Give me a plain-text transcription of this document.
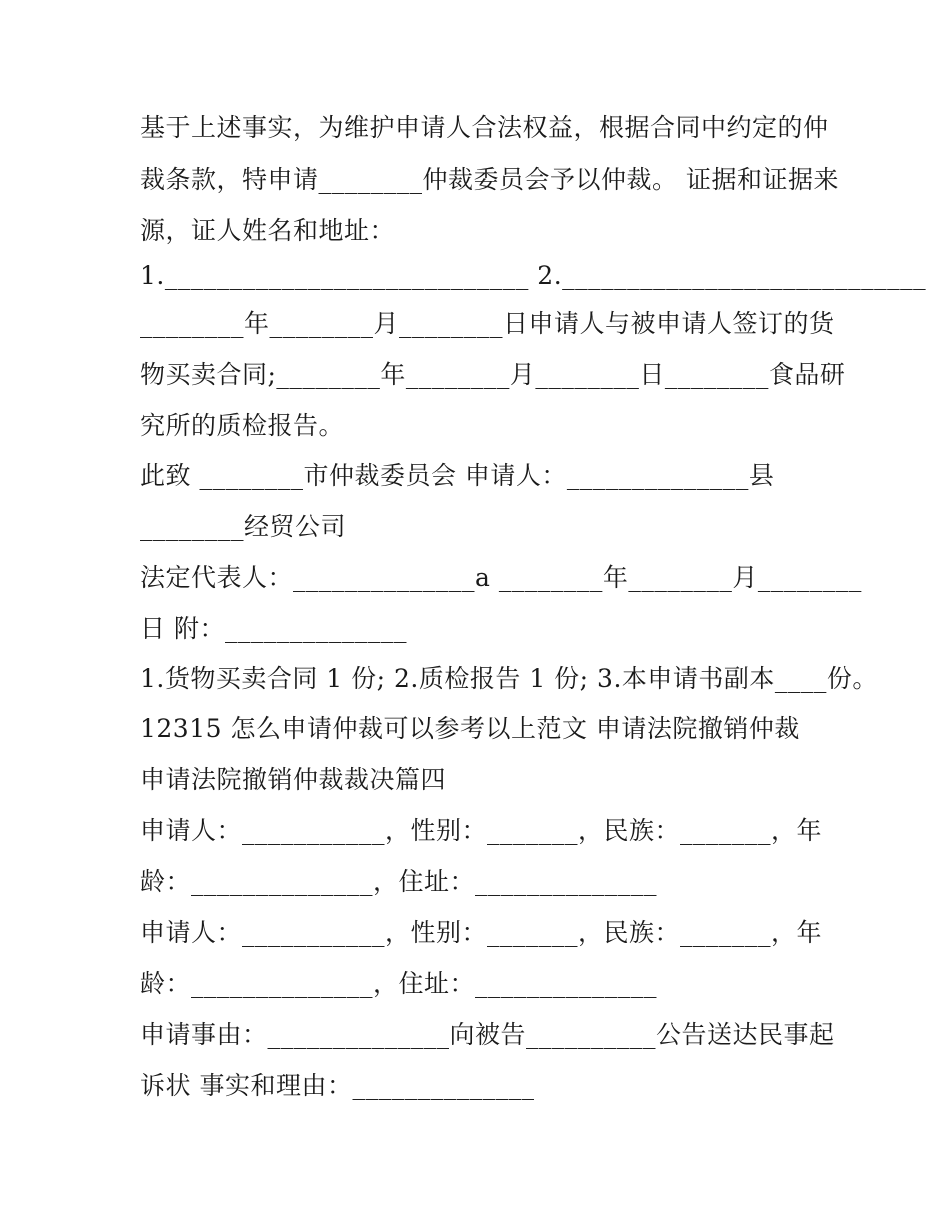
基于上述事实，为维护申请人合法权益，根据合同中约定的仲
裁条款，特申请________仲裁委员会予以仲裁。 证据和证据来
源，证人姓名和地址：
1.____________________________ 2.____________________________
________年________月________日申请人与被申请人签订的货
物买卖合同;________年________月________日________食品研
究所的质检报告。
此致 ________市仲裁委员会 申请人：______________县
________经贸公司
法定代表人：______________a ________年________月________
日 附：______________
1.货物买卖合同 1 份; 2.质检报告 1 份; 3.本申请书副本____份。
12315 怎么申请仲裁可以参考以上范文 申请法院撤销仲裁
申请法院撤销仲裁裁决篇四
申请人：___________，性别：_______，民族：_______，年
龄：______________，住址：______________
申请人：___________，性别：_______，民族：_______，年
龄：______________，住址：______________
申请事由：______________向被告__________公告送达民事起
诉状 事实和理由：______________
